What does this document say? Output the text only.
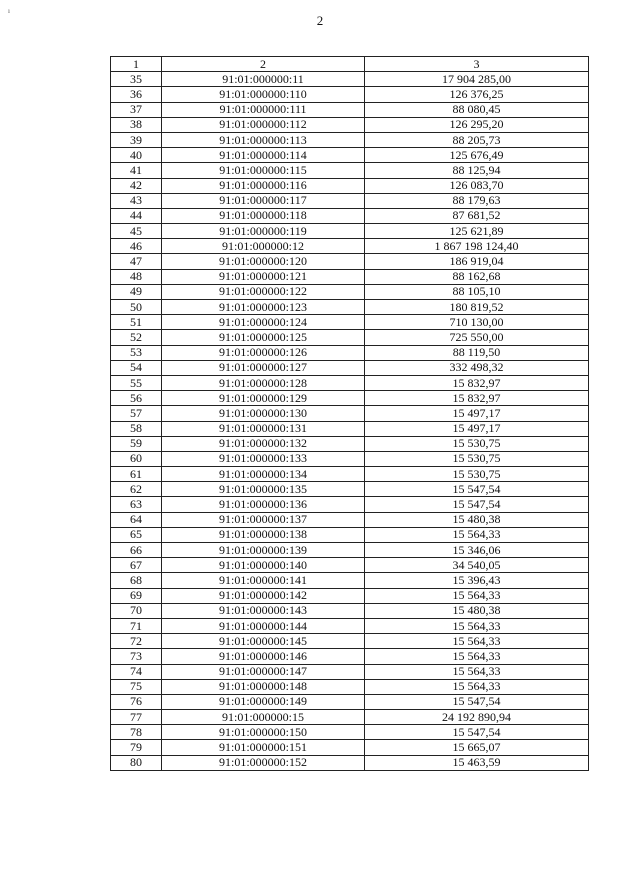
ı
2
1	2	3
35	91:01:000000:11	17 904 285,00
36	91:01:000000:110	126 376,25
37	91:01:000000:111	88 080,45
38	91:01:000000:112	126 295,20
39	91:01:000000:113	88 205,73
40	91:01:000000:114	125 676,49
41	91:01:000000:115	88 125,94
42	91:01:000000:116	126 083,70
43	91:01:000000:117	88 179,63
44	91:01:000000:118	87 681,52
45	91:01:000000:119	125 621,89
46	91:01:000000:12	1 867 198 124,40
47	91:01:000000:120	186 919,04
48	91:01:000000:121	88 162,68
49	91:01:000000:122	88 105,10
50	91:01:000000:123	180 819,52
51	91:01:000000:124	710 130,00
52	91:01:000000:125	725 550,00
53	91:01:000000:126	88 119,50
54	91:01:000000:127	332 498,32
55	91:01:000000:128	15 832,97
56	91:01:000000:129	15 832,97
57	91:01:000000:130	15 497,17
58	91:01:000000:131	15 497,17
59	91:01:000000:132	15 530,75
60	91:01:000000:133	15 530,75
61	91:01:000000:134	15 530,75
62	91:01:000000:135	15 547,54
63	91:01:000000:136	15 547,54
64	91:01:000000:137	15 480,38
65	91:01:000000:138	15 564,33
66	91:01:000000:139	15 346,06
67	91:01:000000:140	34 540,05
68	91:01:000000:141	15 396,43
69	91:01:000000:142	15 564,33
70	91:01:000000:143	15 480,38
71	91:01:000000:144	15 564,33
72	91:01:000000:145	15 564,33
73	91:01:000000:146	15 564,33
74	91:01:000000:147	15 564,33
75	91:01:000000:148	15 564,33
76	91:01:000000:149	15 547,54
77	91:01:000000:15	24 192 890,94
78	91:01:000000:150	15 547,54
79	91:01:000000:151	15 665,07
80	91:01:000000:152	15 463,59
